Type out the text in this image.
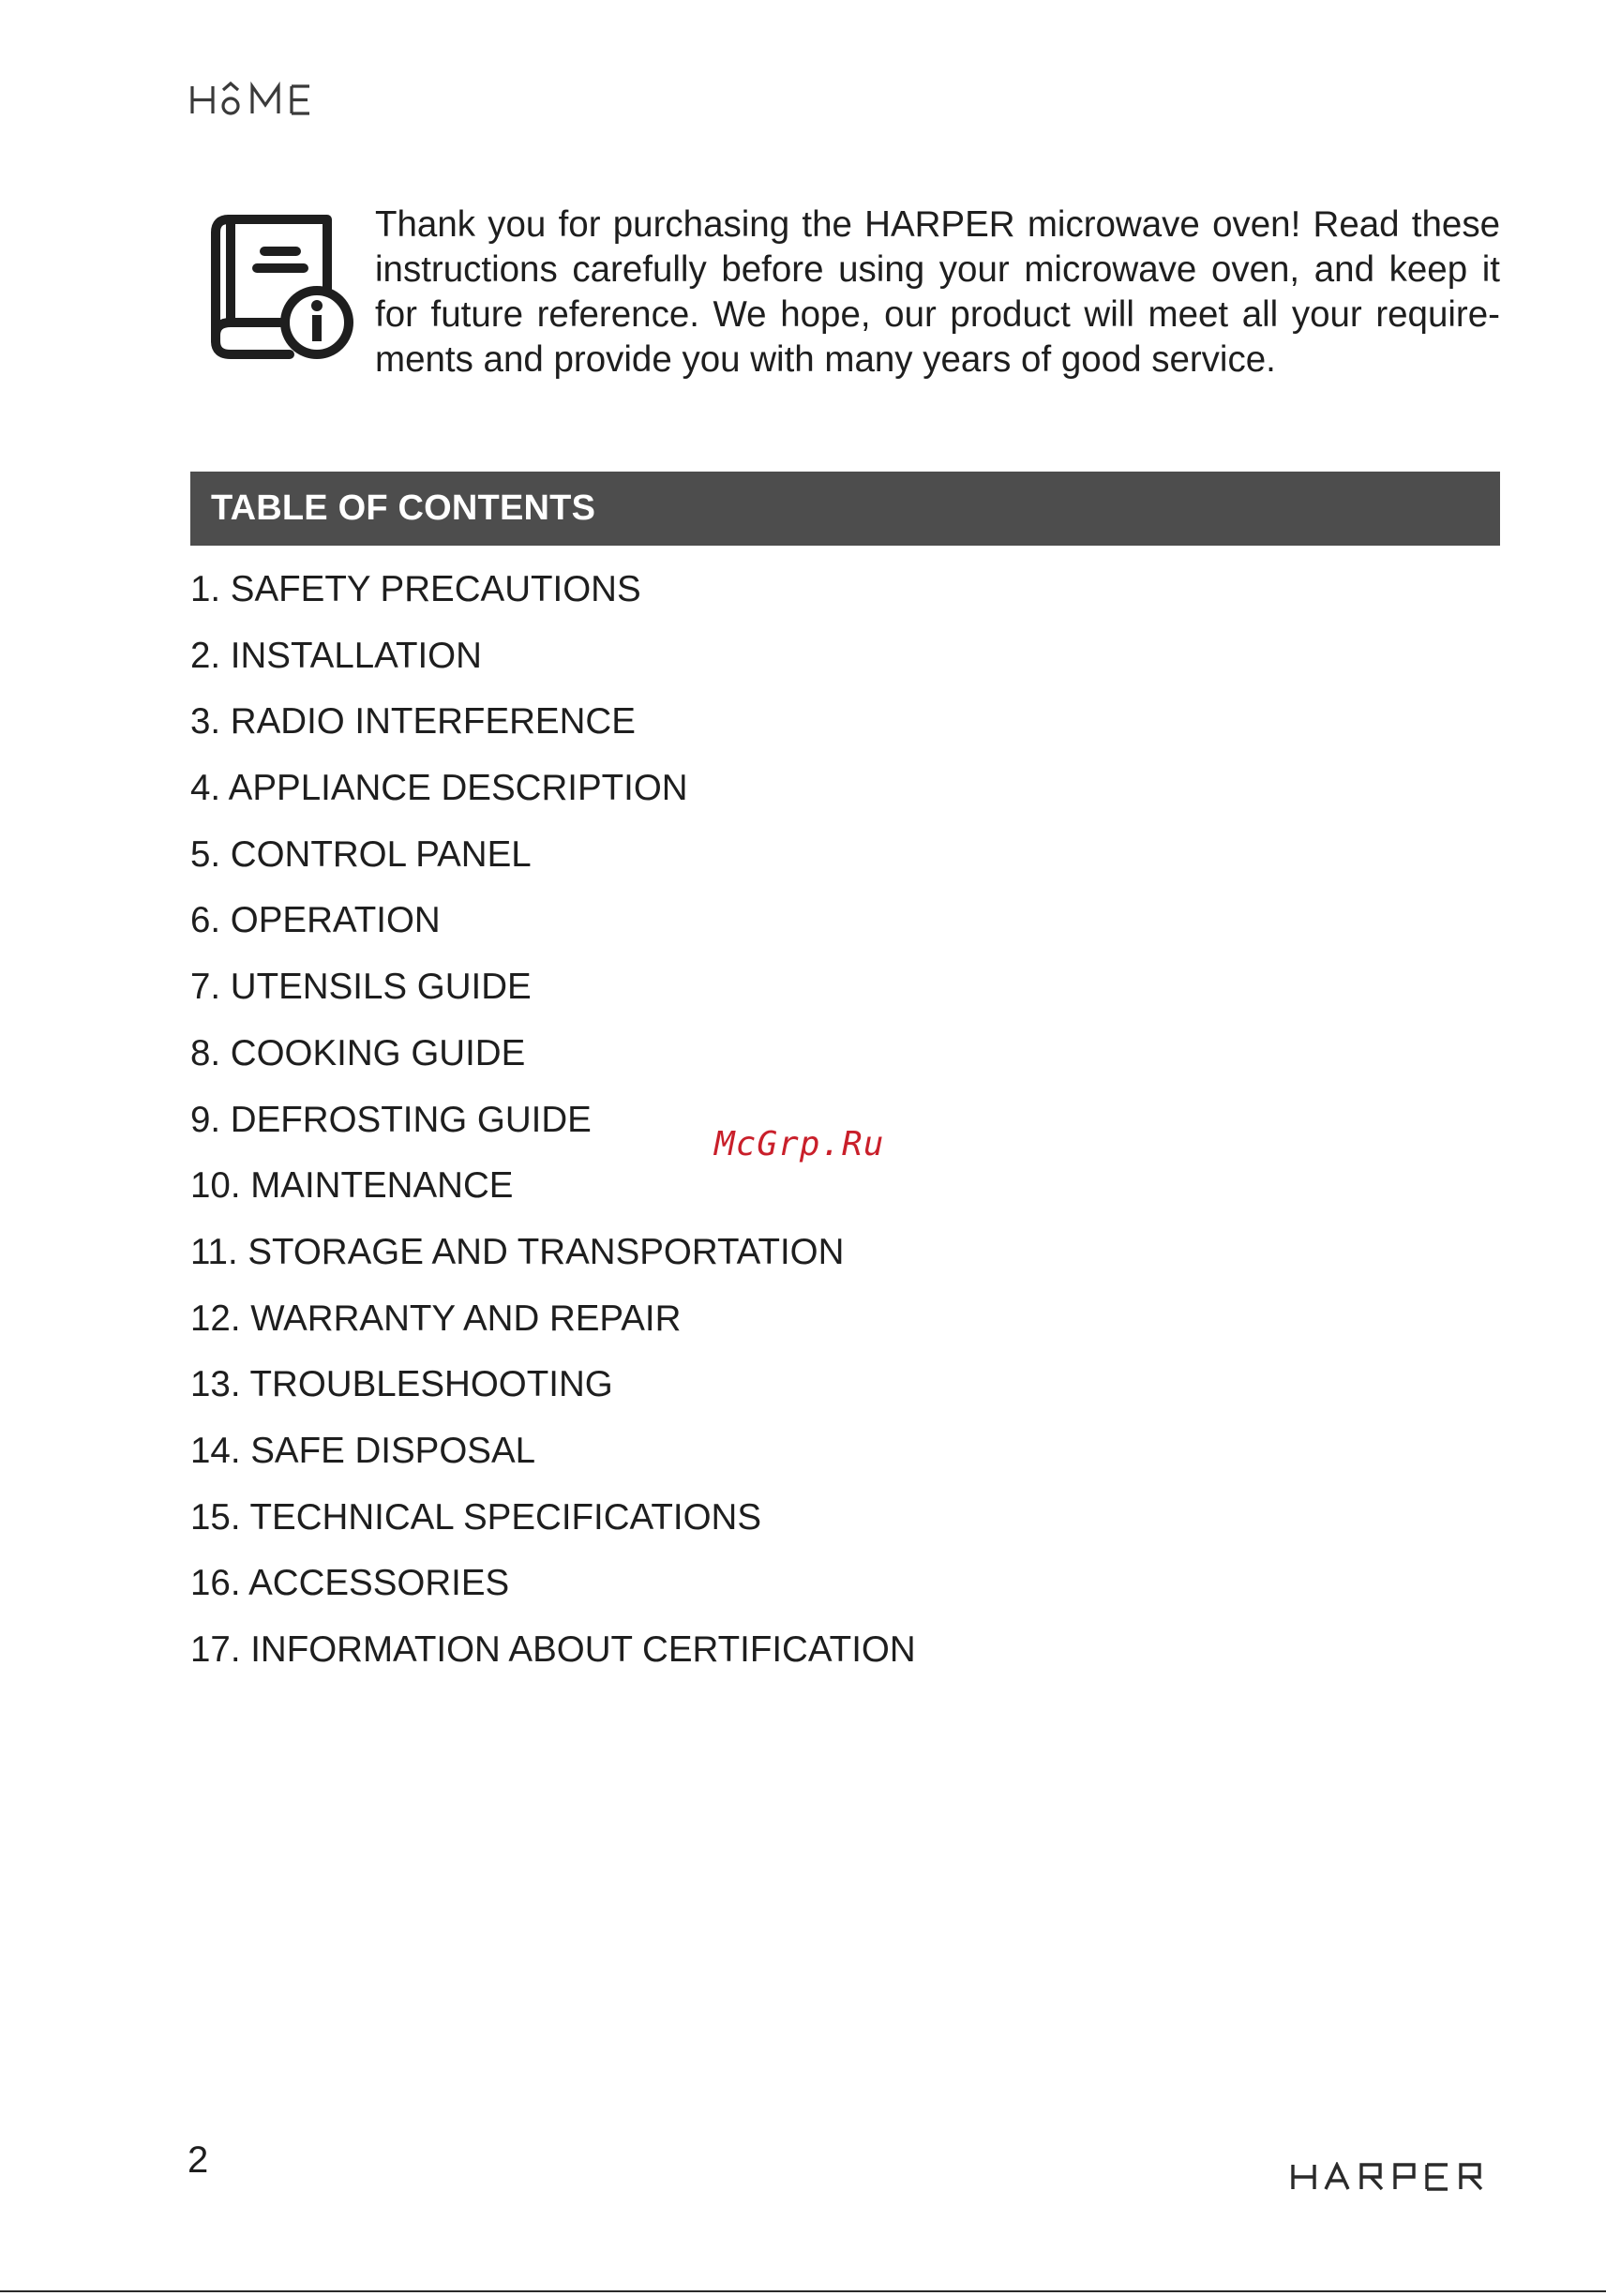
Thank you for purchasing the HARPER microwave oven! Read these instructions carefully before using your microwave oven, and keep it for future reference. We hope, our product will meet all your require-ments and provide you with many years of good service.

TABLE OF CONTENTS
1. SAFETY PRECAUTIONS
2. INSTALLATION
3. RADIO INTERFERENCE
4. APPLIANCE DESCRIPTION
5. CONTROL PANEL
6. OPERATION
7. UTENSILS GUIDE
8. COOKING GUIDE
9. DEFROSTING GUIDE
10. MAINTENANCE
11. STORAGE AND TRANSPORTATION
12. WARRANTY AND REPAIR
13. TROUBLESHOOTING
14. SAFE DISPOSAL
15. TECHNICAL SPECIFICATIONS
16. ACCESSORIES
17. INFORMATION ABOUT CERTIFICATION
McGrp.Ru
2
